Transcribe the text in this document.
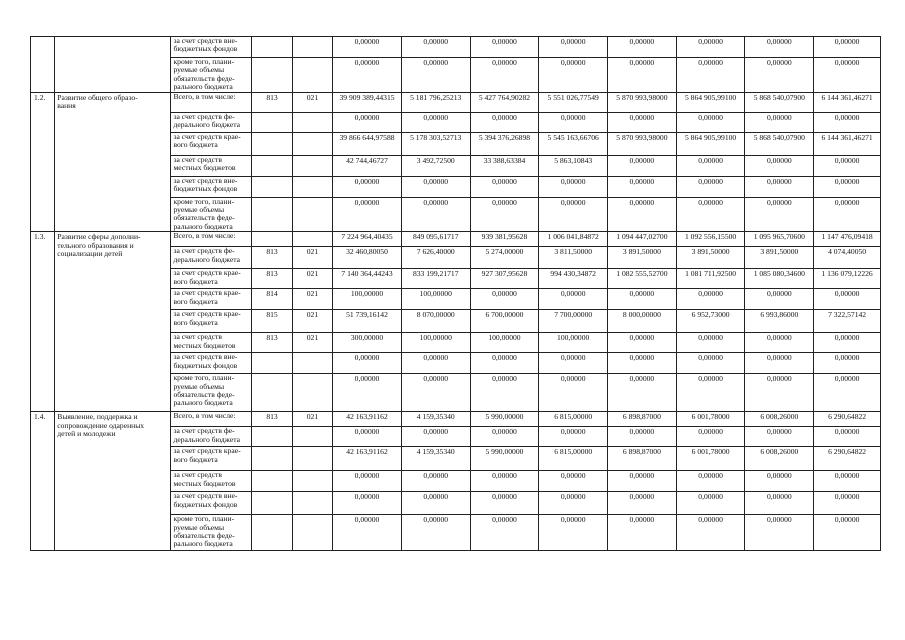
		за счет средств вне-
бюджетных фондов			0,00000	0,00000	0,00000	0,00000	0,00000	0,00000	0,00000	0,00000
		кроме того, плани-
руемые объемы
обязательств феде-
рального бюджета			0,00000	0,00000	0,00000	0,00000	0,00000	0,00000	0,00000	0,00000
1.2.	Развитие общего образо-
вания	Всего, в том числе:	813	021	39 909 389,44315	5 181 796,25213	5 427 764,90282	5 551 026,77549	5 870 993,98000	5 864 905,99100	5 868 540,07900	6 144 361,46271
		за счет средств фе-
дерального бюджета			0,00000	0,00000	0,00000	0,00000	0,00000	0,00000	0,00000	0,00000
		за счет средств крае-
вого бюджета			39 866 644,97588	5 178 303,52713	5 394 376,26898	5 545 163,66706	5 870 993,98000	5 864 905,99100	5 868 540,07900	6 144 361,46271
		за счет средств
местных бюджетов			42 744,46727	3 492,72500	33 388,63384	5 863,10843	0,00000	0,00000	0,00000	0,00000
		за счет средств вне-
бюджетных фондов			0,00000	0,00000	0,00000	0,00000	0,00000	0,00000	0,00000	0,00000
		кроме того, плани-
руемые объемы
обязательств феде-
рального бюджета			0,00000	0,00000	0,00000	0,00000	0,00000	0,00000	0,00000	0,00000
1.3.	Развитие сферы дополни-
тельного образования и
социализации детей	Всего, в том числе:			7 224 964,40435	849 095,61717	939 381,95628	1 006 041,84872	1 094 447,02700	1 092 556,15500	1 095 965,70600	1 147 476,09418
		за счет средств фе-
дерального бюджета	813	021	32 460,80050	7 626,40000	5 274,00000	3 811,50000	3 891,50000	3 891,50000	3 891,50000	4 074,40050
		за счет средств крае-
вого бюджета	813	021	7 140 364,44243	833 199,21717	927 307,95628	994 430,34872	1 082 555,52700	1 081 711,92500	1 085 080,34600	1 136 079,12226
		за счет средств крае-
вого бюджета	814	021	100,00000	100,00000	0,00000	0,00000	0,00000	0,00000	0,00000	0,00000
		за счет средств крае-
вого бюджета	815	021	51 739,16142	8 070,00000	6 700,00000	7 700,00000	8 000,00000	6 952,73000	6 993,86000	7 322,57142
		за счет средств
местных бюджетов	813	021	300,00000	100,00000	100,00000	100,00000	0,00000	0,00000	0,00000	0,00000
		за счет средств вне-
бюджетных фондов			0,00000	0,00000	0,00000	0,00000	0,00000	0,00000	0,00000	0,00000
		кроме того, плани-
руемые объемы
обязательств феде-
рального бюджета			0,00000	0,00000	0,00000	0,00000	0,00000	0,00000	0,00000	0,00000
1.4.	Выявление, поддержка и
сопровождение одаренных
детей и молодежи	Всего, в том числе:	813	021	42 163,91162	4 159,35340	5 990,00000	6 815,00000	6 898,87000	6 001,78000	6 008,26000	6 290,64822
		за счет средств фе-
дерального бюджета			0,00000	0,00000	0,00000	0,00000	0,00000	0,00000	0,00000	0,00000
		за счет средств крае-
вого бюджета			42 163,91162	4 159,35340	5 990,00000	6 815,00000	6 898,87000	6 001,78000	6 008,26000	6 290,64822
		за счет средств
местных бюджетов			0,00000	0,00000	0,00000	0,00000	0,00000	0,00000	0,00000	0,00000
		за счет средств вне-
бюджетных фондов			0,00000	0,00000	0,00000	0,00000	0,00000	0,00000	0,00000	0,00000
		кроме того, плани-
руемые объемы
обязательств феде-
рального бюджета			0,00000	0,00000	0,00000	0,00000	0,00000	0,00000	0,00000	0,00000
